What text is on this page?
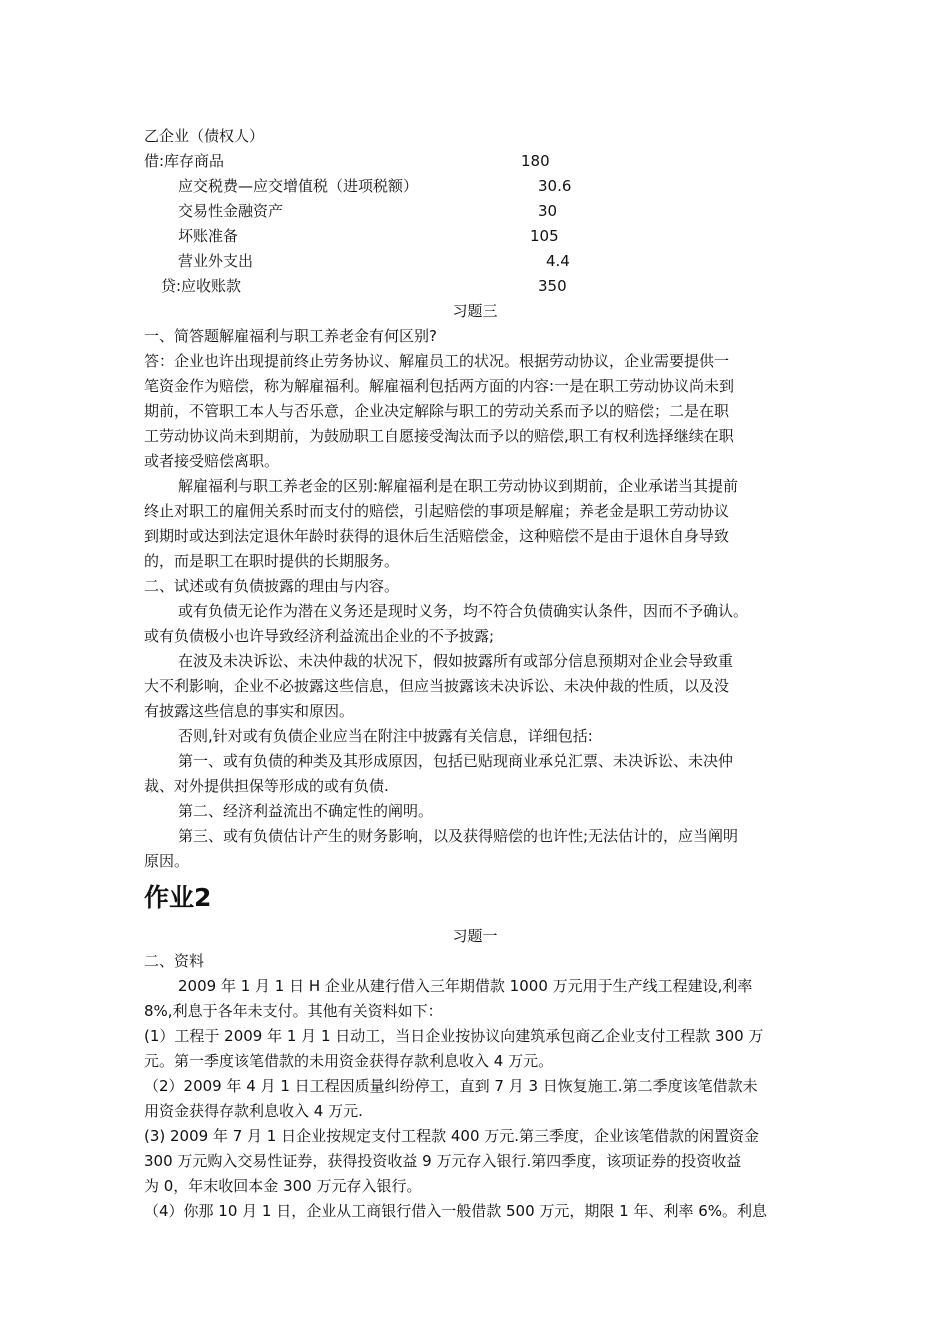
乙企业（债权人）
借:库存商品	180
应交税费—应交增值税（进项税额）	30.6
交易性金融资产	30
坏账准备	105
营业外支出	4.4
贷:应收账款	350
习题三
一、简答题解雇福利与职工养老金有何区别?
答：企业也许出现提前终止劳务协议、解雇员工的状况。根据劳动协议，企业需要提供一
笔资金作为赔偿，称为解雇福利。解雇福利包括两方面的内容:一是在职工劳动协议尚未到
期前，不管职工本人与否乐意，企业决定解除与职工的劳动关系而予以的赔偿；二是在职
工劳动协议尚未到期前，为鼓励职工自愿接受淘汰而予以的赔偿,职工有权利选择继续在职
或者接受赔偿离职。
解雇福利与职工养老金的区别:解雇福利是在职工劳动协议到期前，企业承诺当其提前
终止对职工的雇佣关系时而支付的赔偿，引起赔偿的事项是解雇；养老金是职工劳动协议
到期时或达到法定退休年龄时获得的退休后生活赔偿金，这种赔偿不是由于退休自身导致
的，而是职工在职时提供的长期服务。
二、试述或有负债披露的理由与内容。
或有负债无论作为潜在义务还是现时义务，均不符合负债确实认条件，因而不予确认。
或有负债极小也许导致经济利益流出企业的不予披露;
在波及未决诉讼、未决仲裁的状况下，假如披露所有或部分信息预期对企业会导致重
大不利影响，企业不必披露这些信息，但应当披露该未决诉讼、未决仲裁的性质，以及没
有披露这些信息的事实和原因。
否则,针对或有负债企业应当在附注中披露有关信息，详细包括:
第一、或有负债的种类及其形成原因，包括已贴现商业承兑汇票、未决诉讼、未决仲
裁、对外提供担保等形成的或有负债.
第二、经济利益流出不确定性的阐明。
第三、或有负债估计产生的财务影响，以及获得赔偿的也许性;无法估计的，应当阐明
原因。
作业2
习题一
二、资料
2009 年 1 月 1 日 H 企业从建行借入三年期借款 1000 万元用于生产线工程建设,利率
8%,利息于各年未支付。其他有关资料如下：
(1）工程于 2009 年 1 月 1 日动工，当日企业按协议向建筑承包商乙企业支付工程款 300 万
元。第一季度该笔借款的未用资金获得存款利息收入 4 万元。
（2）2009 年 4 月 1 日工程因质量纠纷停工，直到 7 月 3 日恢复施工.第二季度该笔借款未
用资金获得存款利息收入 4 万元.
(3) 2009 年 7 月 1 日企业按规定支付工程款 400 万元.第三季度，企业该笔借款的闲置资金
300 万元购入交易性证券，获得投资收益 9 万元存入银行.第四季度，该项证券的投资收益
为 0，年末收回本金 300 万元存入银行。
（4）你那 10 月 1 日，企业从工商银行借入一般借款 500 万元，期限 1 年、利率 6%。利息
